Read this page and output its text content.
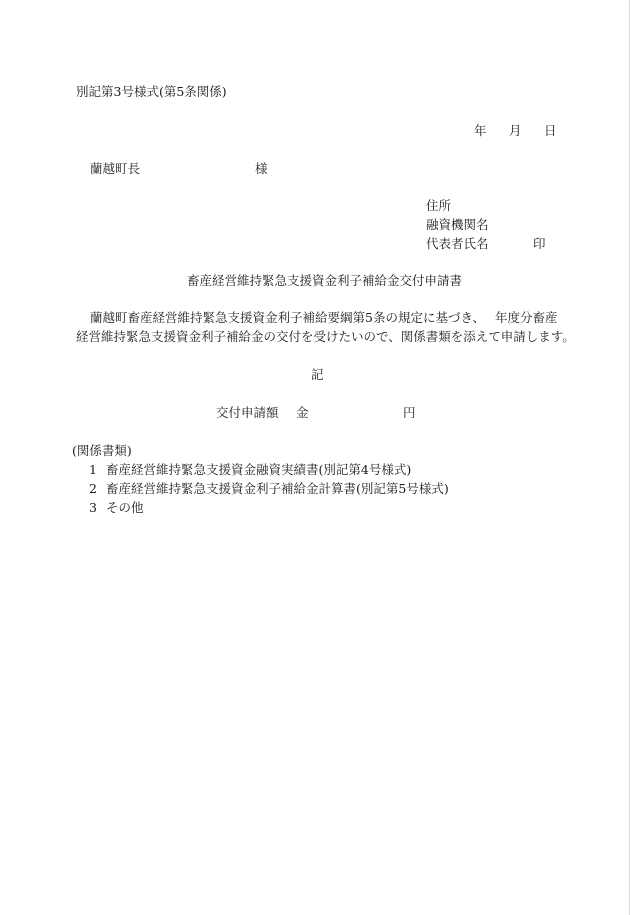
別記第3号様式(第5条関係)
年 月 日
蘭越町長	様
住所
融資機関名
代表者氏名	印
畜産経営維持緊急支援資金利子補給金交付申請書
蘭越町畜産経営維持緊急支援資金利子補給要綱第5条の規定に基づき、 年度分畜産
経営維持緊急支援資金利子補給金の交付を受けたいので、関係書類を添えて申請します。
記
交付申請額 金	円
(関係書類)
1 畜産経営維持緊急支援資金融資実績書(別記第4号様式)
2 畜産経営維持緊急支援資金利子補給金計算書(別記第5号様式)
3 その他
